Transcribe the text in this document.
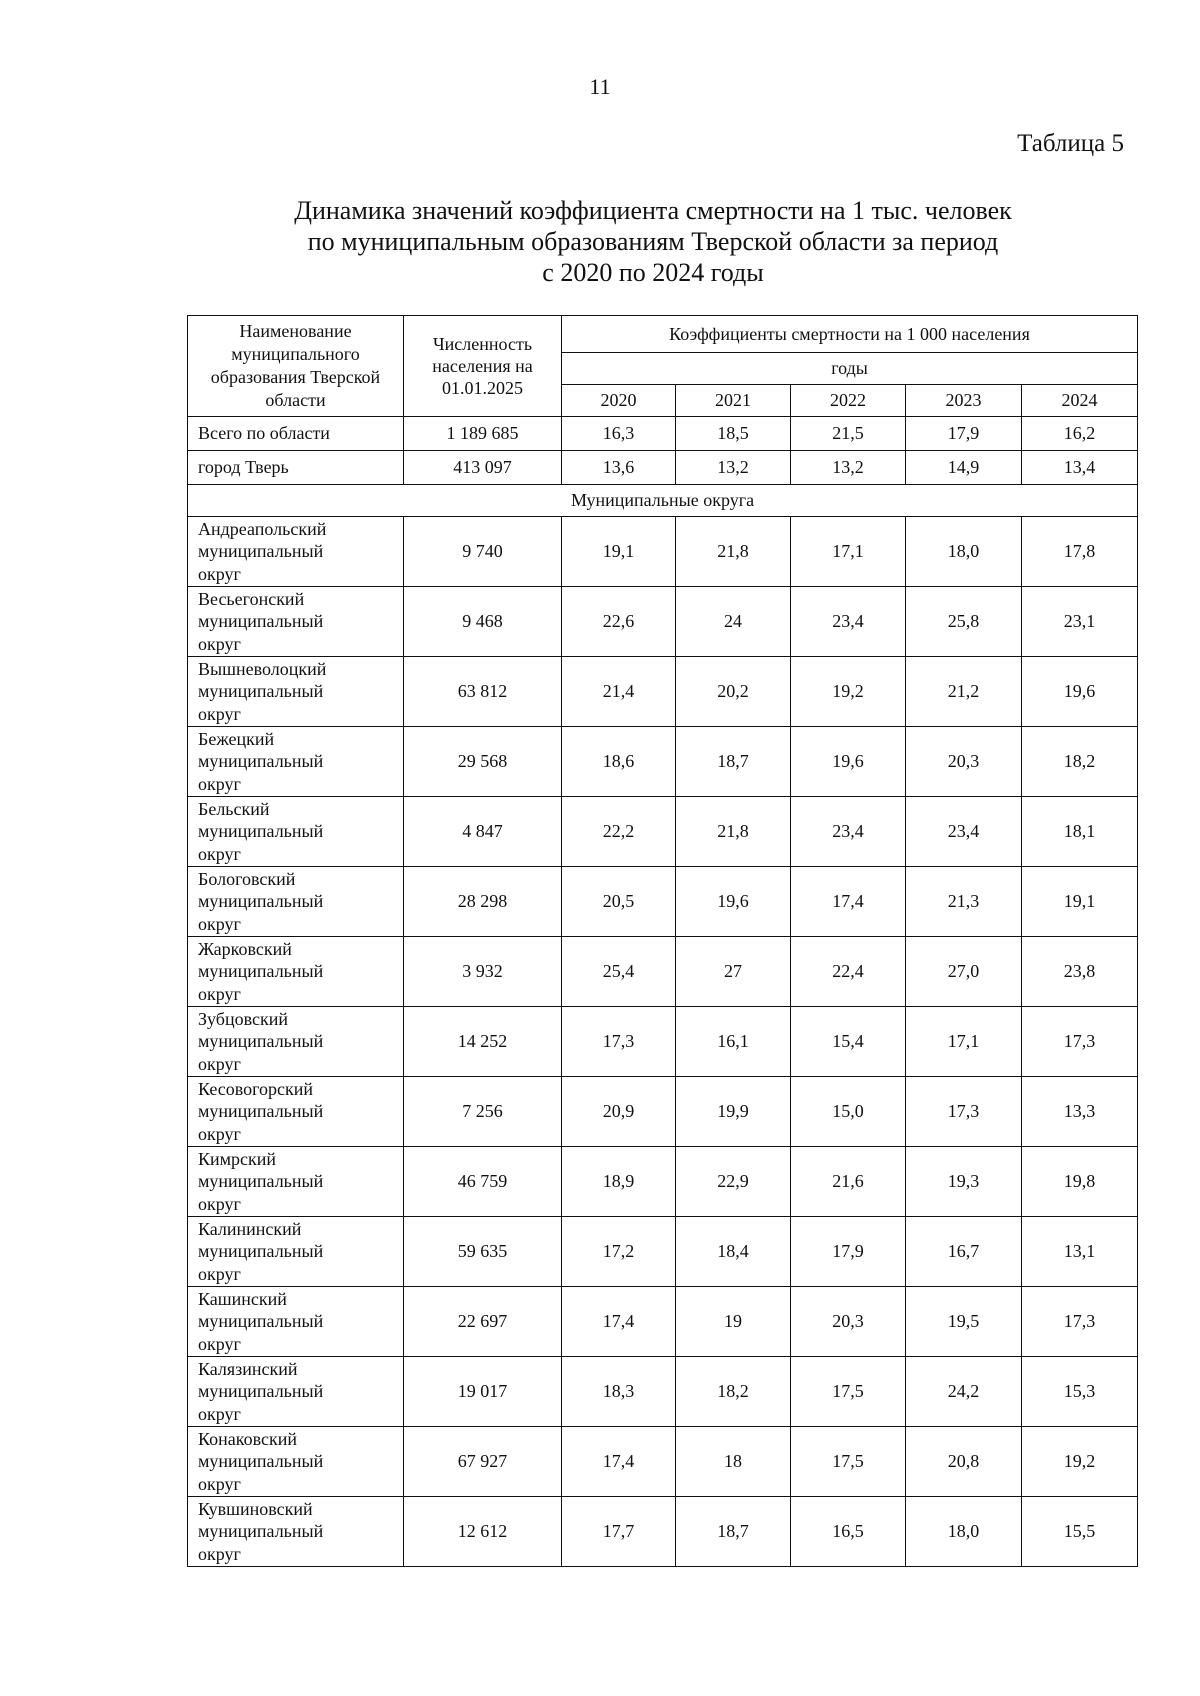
11
Таблица 5
Динамика значений коэффициента смертности на 1 тыс. человек
по муниципальным образованиям Тверской области за период
с 2020 по 2024 годы
Наименование муниципального образования Тверской области	Численность населения на 01.01.2025	Коэффициенты смертности на 1 000 населения				
		годы				
		2020	2021	2022	2023	2024
Всего по области	1 189 685	16,3	18,5	21,5	17,9	16,2
город Тверь	413 097	13,6	13,2	13,2	14,9	13,4
Муниципальные округа						

Андреапольский
муниципальный
округ	9 740	19,1	21,8	17,1	18,0	17,8

Весьегонский
муниципальный
округ	9 468	22,6	24	23,4	25,8	23,1

Вышневолоцкий
муниципальный
округ	63 812	21,4	20,2	19,2	21,2	19,6

Бежецкий
муниципальный
округ	29 568	18,6	18,7	19,6	20,3	18,2

Бельский
муниципальный
округ	4 847	22,2	21,8	23,4	23,4	18,1

Бологовский
муниципальный
округ	28 298	20,5	19,6	17,4	21,3	19,1

Жарковский
муниципальный
округ	3 932	25,4	27	22,4	27,0	23,8

Зубцовский
муниципальный
округ	14 252	17,3	16,1	15,4	17,1	17,3

Кесовогорский
муниципальный
округ	7 256	20,9	19,9	15,0	17,3	13,3

Кимрский
муниципальный
округ	46 759	18,9	22,9	21,6	19,3	19,8

Калининский
муниципальный
округ	59 635	17,2	18,4	17,9	16,7	13,1

Кашинский
муниципальный
округ	22 697	17,4	19	20,3	19,5	17,3

Калязинский
муниципальный
округ	19 017	18,3	18,2	17,5	24,2	15,3

Конаковский
муниципальный
округ	67 927	17,4	18	17,5	20,8	19,2

Кувшиновский
муниципальный
округ	12 612	17,7	18,7	16,5	18,0	15,5
